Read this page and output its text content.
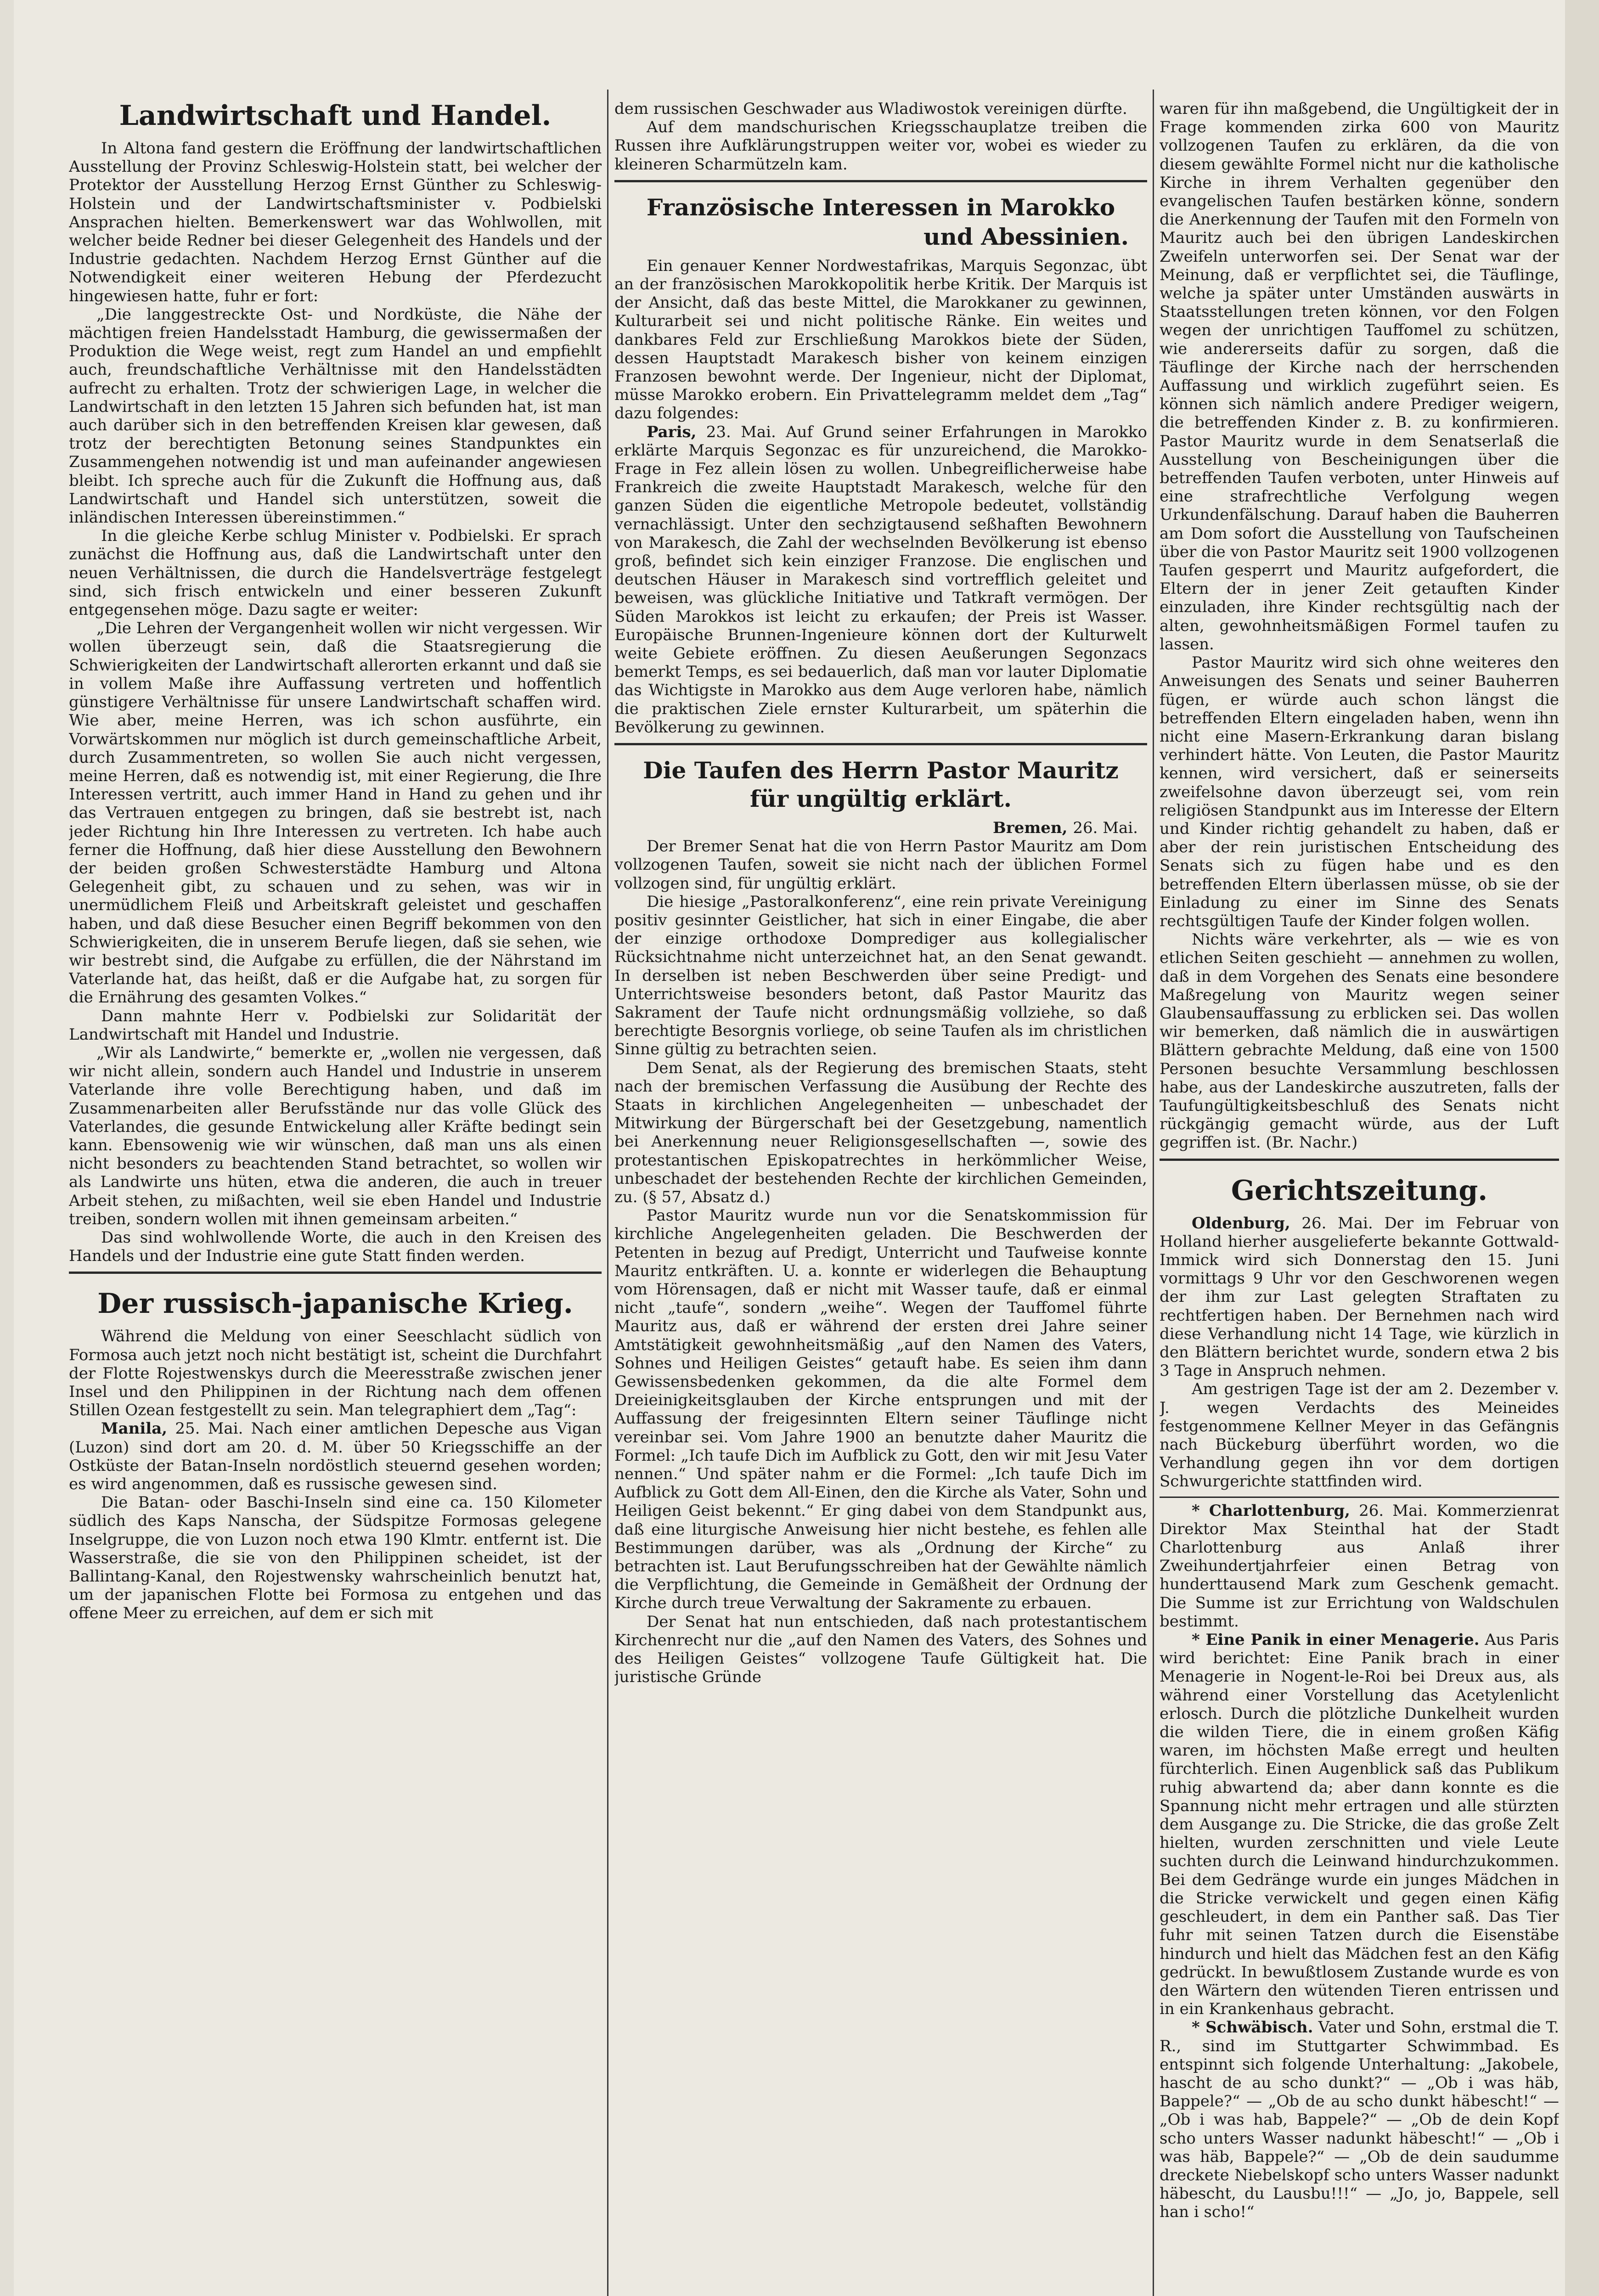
Landwirtschaft und Handel.

In Altona fand gestern die Eröffnung der landwirtschaftlichen Ausstellung der Provinz Schleswig-Holstein statt, bei welcher der Protektor der Ausstellung Herzog Ernst Günther zu Schleswig-Holstein und der Landwirtschaftsminister v. Podbielski Ansprachen hielten. Bemerkenswert war das Wohlwollen, mit welcher beide Redner bei dieser Gelegenheit des Handels und der Industrie gedachten. Nachdem Herzog Ernst Günther auf die Notwendigkeit einer weiteren Hebung der Pferdezucht hingewiesen hatte, fuhr er fort:

„Die langgestreckte Ost- und Nordküste, die Nähe der mächtigen freien Handelsstadt Hamburg, die gewissermaßen der Produktion die Wege weist, regt zum Handel an und empfiehlt auch, freundschaftliche Verhältnisse mit den Handelsstädten aufrecht zu erhalten. Trotz der schwierigen Lage, in welcher die Landwirtschaft in den letzten 15 Jahren sich befunden hat, ist man auch darüber sich in den betreffenden Kreisen klar gewesen, daß trotz der berechtigten Betonung seines Standpunktes ein Zusammengehen notwendig ist und man aufeinander angewiesen bleibt. Ich spreche auch für die Zukunft die Hoffnung aus, daß Landwirtschaft und Handel sich unterstützen, soweit die inländischen Interessen übereinstimmen.“

In die gleiche Kerbe schlug Minister v. Podbielski. Er sprach zunächst die Hoffnung aus, daß die Landwirtschaft unter den neuen Verhältnissen, die durch die Handelsverträge festgelegt sind, sich frisch entwickeln und einer besseren Zukunft entgegensehen möge. Dazu sagte er weiter:

„Die Lehren der Vergangenheit wollen wir nicht vergessen. Wir wollen überzeugt sein, daß die Staatsregierung die Schwierigkeiten der Landwirtschaft allerorten erkannt und daß sie in vollem Maße ihre Auffassung vertreten und hoffentlich günstigere Verhältnisse für unsere Landwirtschaft schaffen wird. Wie aber, meine Herren, was ich schon ausführte, ein Vorwärtskommen nur möglich ist durch gemeinschaftliche Arbeit, durch Zusammentreten, so wollen Sie auch nicht vergessen, meine Herren, daß es notwendig ist, mit einer Regierung, die Ihre Interessen vertritt, auch immer Hand in Hand zu gehen und ihr das Vertrauen entgegen zu bringen, daß sie bestrebt ist, nach jeder Richtung hin Ihre Interessen zu vertreten. Ich habe auch ferner die Hoffnung, daß hier diese Ausstellung den Bewohnern der beiden großen Schwesterstädte Hamburg und Altona Gelegenheit gibt, zu schauen und zu sehen, was wir in unermüdlichem Fleiß und Arbeitskraft geleistet und geschaffen haben, und daß diese Besucher einen Begriff bekommen von den Schwierigkeiten, die in unserem Berufe liegen, daß sie sehen, wie wir bestrebt sind, die Aufgabe zu erfüllen, die der Nährstand im Vaterlande hat, das heißt, daß er die Aufgabe hat, zu sorgen für die Ernährung des gesamten Volkes.“

Dann mahnte Herr v. Podbielski zur Solidarität der Landwirtschaft mit Handel und Industrie.

„Wir als Landwirte,“ bemerkte er, „wollen nie vergessen, daß wir nicht allein, sondern auch Handel und Industrie in unserem Vaterlande ihre volle Berechtigung haben, und daß im Zusammenarbeiten aller Berufsstände nur das volle Glück des Vaterlandes, die gesunde Entwickelung aller Kräfte bedingt sein kann. Ebensowenig wie wir wünschen, daß man uns als einen nicht besonders zu beachtenden Stand betrachtet, so wollen wir als Landwirte uns hüten, etwa die anderen, die auch in treuer Arbeit stehen, zu mißachten, weil sie eben Handel und Industrie treiben, sondern wollen mit ihnen gemeinsam arbeiten.“

Das sind wohlwollende Worte, die auch in den Kreisen des Handels und der Industrie eine gute Statt finden werden.

Der russisch-japanische Krieg.

Während die Meldung von einer Seeschlacht südlich von Formosa auch jetzt noch nicht bestätigt ist, scheint die Durchfahrt der Flotte Rojestwenskys durch die Meeresstraße zwischen jener Insel und den Philippinen in der Richtung nach dem offenen Stillen Ozean festgestellt zu sein. Man telegraphiert dem „Tag“:

Manila, 25. Mai. Nach einer amtlichen Depesche aus Vigan (Luzon) sind dort am 20. d. M. über 50 Kriegsschiffe an der Ostküste der Batan-Inseln nordöstlich steuernd gesehen worden; es wird angenommen, daß es russische gewesen sind.

Die Batan- oder Baschi-Inseln sind eine ca. 150 Kilometer südlich des Kaps Nanscha, der Südspitze Formosas gelegene Inselgruppe, die von Luzon noch etwa 190 Klmtr. entfernt ist. Die Wasserstraße, die sie von den Philippinen scheidet, ist der Ballintang-Kanal, den Rojestwensky wahrscheinlich benutzt hat, um der japanischen Flotte bei Formosa zu entgehen und das offene Meer zu erreichen, auf dem er sich mit

dem russischen Geschwader aus Wladiwostok vereinigen dürfte.

Auf dem mandschurischen Kriegsschauplatze treiben die Russen ihre Aufklärungstruppen weiter vor, wobei es wieder zu kleineren Scharmützeln kam.

Französische Interessen in Marokko
und Abessinien.

Ein genauer Kenner Nordwestafrikas, Marquis Segonzac, übt an der französischen Marokkopolitik herbe Kritik. Der Marquis ist der Ansicht, daß das beste Mittel, die Marokkaner zu gewinnen, Kulturarbeit sei und nicht politische Ränke. Ein weites und dankbares Feld zur Erschließung Marokkos biete der Süden, dessen Hauptstadt Marakesch bisher von keinem einzigen Franzosen bewohnt werde. Der Ingenieur, nicht der Diplomat, müsse Marokko erobern. Ein Privattelegramm meldet dem „Tag“ dazu folgendes:

Paris, 23. Mai. Auf Grund seiner Erfahrungen in Marokko erklärte Marquis Segonzac es für unzureichend, die Marokko-Frage in Fez allein lösen zu wollen. Unbegreiflicherweise habe Frankreich die zweite Hauptstadt Marakesch, welche für den ganzen Süden die eigentliche Metropole bedeutet, vollständig vernachlässigt. Unter den sechzigtausend seßhaften Bewohnern von Marakesch, die Zahl der wechselnden Bevölkerung ist ebenso groß, befindet sich kein einziger Franzose. Die englischen und deutschen Häuser in Marakesch sind vortrefflich geleitet und beweisen, was glückliche Initiative und Tatkraft vermögen. Der Süden Marokkos ist leicht zu erkaufen; der Preis ist Wasser. Europäische Brunnen-Ingenieure können dort der Kulturwelt weite Gebiete eröffnen. Zu diesen Aeußerungen Segonzacs bemerkt Temps, es sei bedauerlich, daß man vor lauter Diplomatie das Wichtigste in Marokko aus dem Auge verloren habe, nämlich die praktischen Ziele ernster Kulturarbeit, um späterhin die Bevölkerung zu gewinnen.

Die Taufen des Herrn Pastor Mauritz
für ungültig erklärt.
Bremen, 26. Mai.

Der Bremer Senat hat die von Herrn Pastor Mauritz am Dom vollzogenen Taufen, soweit sie nicht nach der üblichen Formel vollzogen sind, für ungültig erklärt.

Die hiesige „Pastoralkonferenz“, eine rein private Vereinigung positiv gesinnter Geistlicher, hat sich in einer Eingabe, die aber der einzige orthodoxe Domprediger aus kollegialischer Rücksichtnahme nicht unterzeichnet hat, an den Senat gewandt. In derselben ist neben Beschwerden über seine Predigt- und Unterrichtsweise besonders betont, daß Pastor Mauritz das Sakrament der Taufe nicht ordnungsmäßig vollziehe, so daß berechtigte Besorgnis vorliege, ob seine Taufen als im christlichen Sinne gültig zu betrachten seien.

Dem Senat, als der Regierung des bremischen Staats, steht nach der bremischen Verfassung die Ausübung der Rechte des Staats in kirchlichen Angelegenheiten — unbeschadet der Mitwirkung der Bürgerschaft bei der Gesetzgebung, namentlich bei Anerkennung neuer Religionsgesellschaften —, sowie des protestantischen Episkopatrechtes in herkömmlicher Weise, unbeschadet der bestehenden Rechte der kirchlichen Gemeinden, zu. (§ 57, Absatz d.)

Pastor Mauritz wurde nun vor die Senatskommission für kirchliche Angelegenheiten geladen. Die Beschwerden der Petenten in bezug auf Predigt, Unterricht und Taufweise konnte Mauritz entkräften. U. a. konnte er widerlegen die Behauptung vom Hörensagen, daß er nicht mit Wasser taufe, daß er einmal nicht „taufe“, sondern „weihe“. Wegen der Tauffomel führte Mauritz aus, daß er während der ersten drei Jahre seiner Amtstätigkeit gewohnheitsmäßig „auf den Namen des Vaters, Sohnes und Heiligen Geistes“ getauft habe. Es seien ihm dann Gewissensbedenken gekommen, da die alte Formel dem Dreieinigkeitsglauben der Kirche entsprungen und mit der Auffassung der freigesinnten Eltern seiner Täuflinge nicht vereinbar sei. Vom Jahre 1900 an benutzte daher Mauritz die Formel: „Ich taufe Dich im Aufblick zu Gott, den wir mit Jesu Vater nennen.“ Und später nahm er die Formel: „Ich taufe Dich im Aufblick zu Gott dem All-Einen, den die Kirche als Vater, Sohn und Heiligen Geist bekennt.“ Er ging dabei von dem Standpunkt aus, daß eine liturgische Anweisung hier nicht bestehe, es fehlen alle Bestimmungen darüber, was als „Ordnung der Kirche“ zu betrachten ist. Laut Berufungsschreiben hat der Gewählte nämlich die Verpflichtung, die Gemeinde in Gemäßheit der Ordnung der Kirche durch treue Verwaltung der Sakramente zu erbauen.

Der Senat hat nun entschieden, daß nach protestantischem Kirchenrecht nur die „auf den Namen des Vaters, des Sohnes und des Heiligen Geistes“ vollzogene Taufe Gültigkeit hat. Die juristische Gründe

waren für ihn maßgebend, die Ungültigkeit der in Frage kommenden zirka 600 von Mauritz vollzogenen Taufen zu erklären, da die von diesem gewählte Formel nicht nur die katholische Kirche in ihrem Verhalten gegenüber den evangelischen Taufen bestärken könne, sondern die Anerkennung der Taufen mit den Formeln von Mauritz auch bei den übrigen Landeskirchen Zweifeln unterworfen sei. Der Senat war der Meinung, daß er verpflichtet sei, die Täuflinge, welche ja später unter Umständen auswärts in Staatsstellungen treten können, vor den Folgen wegen der unrichtigen Tauffomel zu schützen, wie andererseits dafür zu sorgen, daß die Täuflinge der Kirche nach der herrschenden Auffassung und wirklich zugeführt seien. Es können sich nämlich andere Prediger weigern, die betreffenden Kinder z. B. zu konfirmieren. Pastor Mauritz wurde in dem Senatserlaß die Ausstellung von Bescheinigungen über die betreffenden Taufen verboten, unter Hinweis auf eine strafrechtliche Verfolgung wegen Urkundenfälschung. Darauf haben die Bauherren am Dom sofort die Ausstellung von Taufscheinen über die von Pastor Mauritz seit 1900 vollzogenen Taufen gesperrt und Mauritz aufgefordert, die Eltern der in jener Zeit getauften Kinder einzuladen, ihre Kinder rechtsgültig nach der alten, gewohnheitsmäßigen Formel taufen zu lassen.

Pastor Mauritz wird sich ohne weiteres den Anweisungen des Senats und seiner Bauherren fügen, er würde auch schon längst die betreffenden Eltern eingeladen haben, wenn ihn nicht eine Masern-Erkrankung daran bislang verhindert hätte. Von Leuten, die Pastor Mauritz kennen, wird versichert, daß er seinerseits zweifelsohne davon überzeugt sei, vom rein religiösen Standpunkt aus im Interesse der Eltern und Kinder richtig gehandelt zu haben, daß er aber der rein juristischen Entscheidung des Senats sich zu fügen habe und es den betreffenden Eltern überlassen müsse, ob sie der Einladung zu einer im Sinne des Senats rechtsgültigen Taufe der Kinder folgen wollen.

Nichts wäre verkehrter, als — wie es von etlichen Seiten geschieht — annehmen zu wollen, daß in dem Vorgehen des Senats eine besondere Maßregelung von Mauritz wegen seiner Glaubensauffassung zu erblicken sei. Das wollen wir bemerken, daß nämlich die in auswärtigen Blättern gebrachte Meldung, daß eine von 1500 Personen besuchte Versammlung beschlossen habe, aus der Landeskirche auszutreten, falls der Taufungültigkeitsbeschluß des Senats nicht rückgängig gemacht würde, aus der Luft gegriffen ist. (Br. Nachr.)

Gerichtszeitung.

Oldenburg, 26. Mai. Der im Februar von Holland hierher ausgelieferte bekannte Gottwald-Immick wird sich Donnerstag den 15. Juni vormittags 9 Uhr vor den Geschworenen wegen der ihm zur Last gelegten Straftaten zu rechtfertigen haben. Der Bernehmen nach wird diese Verhandlung nicht 14 Tage, wie kürzlich in den Blättern berichtet wurde, sondern etwa 2 bis 3 Tage in Anspruch nehmen.

Am gestrigen Tage ist der am 2. Dezember v. J. wegen Verdachts des Meineides festgenommene Kellner Meyer in das Gefängnis nach Bückeburg überführt worden, wo die Verhandlung gegen ihn vor dem dortigen Schwurgerichte stattfinden wird.

* Charlottenburg, 26. Mai. Kommerzienrat Direktor Max Steinthal hat der Stadt Charlottenburg aus Anlaß ihrer Zweihundertjahrfeier einen Betrag von hunderttausend Mark zum Geschenk gemacht. Die Summe ist zur Errichtung von Waldschulen bestimmt.

* Eine Panik in einer Menagerie. Aus Paris wird berichtet: Eine Panik brach in einer Menagerie in Nogent-le-Roi bei Dreux aus, als während einer Vorstellung das Acetylenlicht erlosch. Durch die plötzliche Dunkelheit wurden die wilden Tiere, die in einem großen Käfig waren, im höchsten Maße erregt und heulten fürchterlich. Einen Augenblick saß das Publikum ruhig abwartend da; aber dann konnte es die Spannung nicht mehr ertragen und alle stürzten dem Ausgange zu. Die Stricke, die das große Zelt hielten, wurden zerschnitten und viele Leute suchten durch die Leinwand hindurchzukommen. Bei dem Gedränge wurde ein junges Mädchen in die Stricke verwickelt und gegen einen Käfig geschleudert, in dem ein Panther saß. Das Tier fuhr mit seinen Tatzen durch die Eisenstäbe hindurch und hielt das Mädchen fest an den Käfig gedrückt. In bewußtlosem Zustande wurde es von den Wärtern den wütenden Tieren entrissen und in ein Krankenhaus gebracht.

* Schwäbisch. Vater und Sohn, erstmal die T. R., sind im Stuttgarter Schwimmbad. Es entspinnt sich folgende Unterhaltung: „Jakobele, hascht de au scho dunkt?“ — „Ob i was häb, Bappele?“ — „Ob de au scho dunkt häbescht!“ — „Ob i was hab, Bappele?“ — „Ob de dein Kopf scho unters Wasser nadunkt häbescht!“ — „Ob i was häb, Bappele?“ — „Ob de dein saudumme dreckete Niebelskopf scho unters Wasser nadunkt häbescht, du Lausbu!!!“ — „Jo, jo, Bappele, sell han i scho!“
